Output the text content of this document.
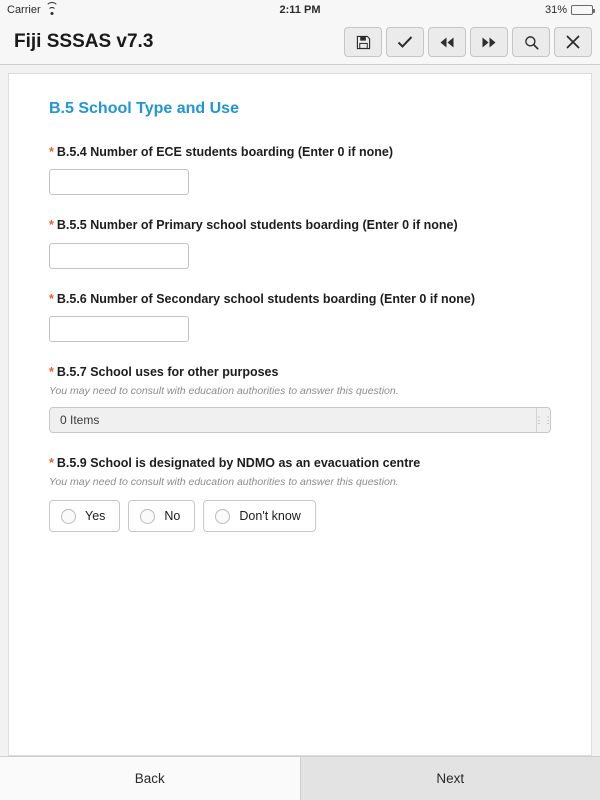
Carrier	2:11 PM	31%
Fiji SSSAS v7.3
B.5 School Type and Use
* B.5.4 Number of ECE students boarding (Enter 0 if none)
* B.5.5 Number of Primary school students boarding (Enter 0 if none)
* B.5.6 Number of Secondary school students boarding (Enter 0 if none)
* B.5.7 School uses for other purposes
You may need to consult with education authorities to answer this question.
0 Items	⋮⋮
* B.5.9 School is designated by NDMO as an evacuation centre
You may need to consult with education authorities to answer this question.
Yes	No	Don't know
Back	Next
